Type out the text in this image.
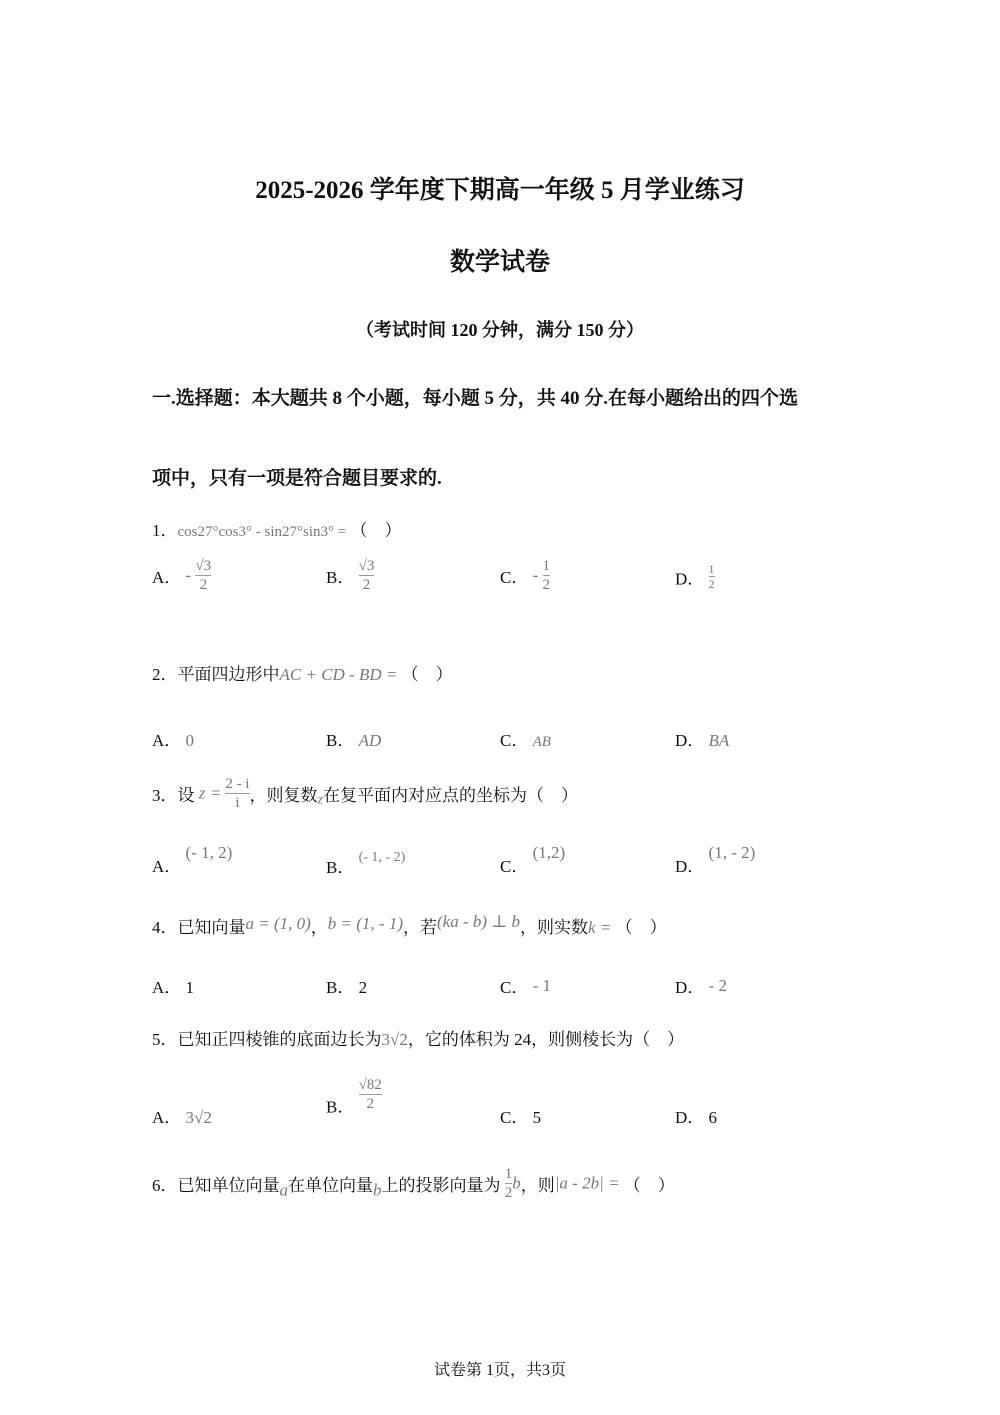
2025-2026 学年度下期高一年级 5 月学业练习
数学试卷
（考试时间 120 分钟，满分 150 分）
一.选择题：本大题共 8 个小题，每小题 5 分，共 40 分.在每小题给出的四个选
项中，只有一项是符合题目要求的.
1．cos27°cos3° - sin27°sin3° = （　）
A． - $\frac{√3}{2}$	B． $\frac{√3}{2}$	C． - $\frac{1}{2}$	D． $\frac{1}{2}$
2．平面四边形中AC + CD - BD = （　）
A． 0	B． AD	C． AB	D． BA
3．设 $z = \frac{2 - i}{i}$ ，则复数$_z$在复平面内对应点的坐标为（　）
A． (- 1, 2)
B． (- 1, - 2)	C． (1,2)
D． (1, - 2)
4．已知向量a = (1, 0)，b = (1, - 1)，若(ka - b) ⊥ b，则实数k = （　）
A． 1	B． 2	C． - 1	D． - 2
5．已知正四棱锥的底面边长为3√2，它的体积为 24，则侧棱长为（　）
A． 3√2
B． $\frac{√82}{2}$
C． 5	D． 6
6．已知单位向量a在单位向量b上的投影向量为 $\frac{1}{2}$ b，则|a - 2b| = （　）
试卷第 1页，共3页
